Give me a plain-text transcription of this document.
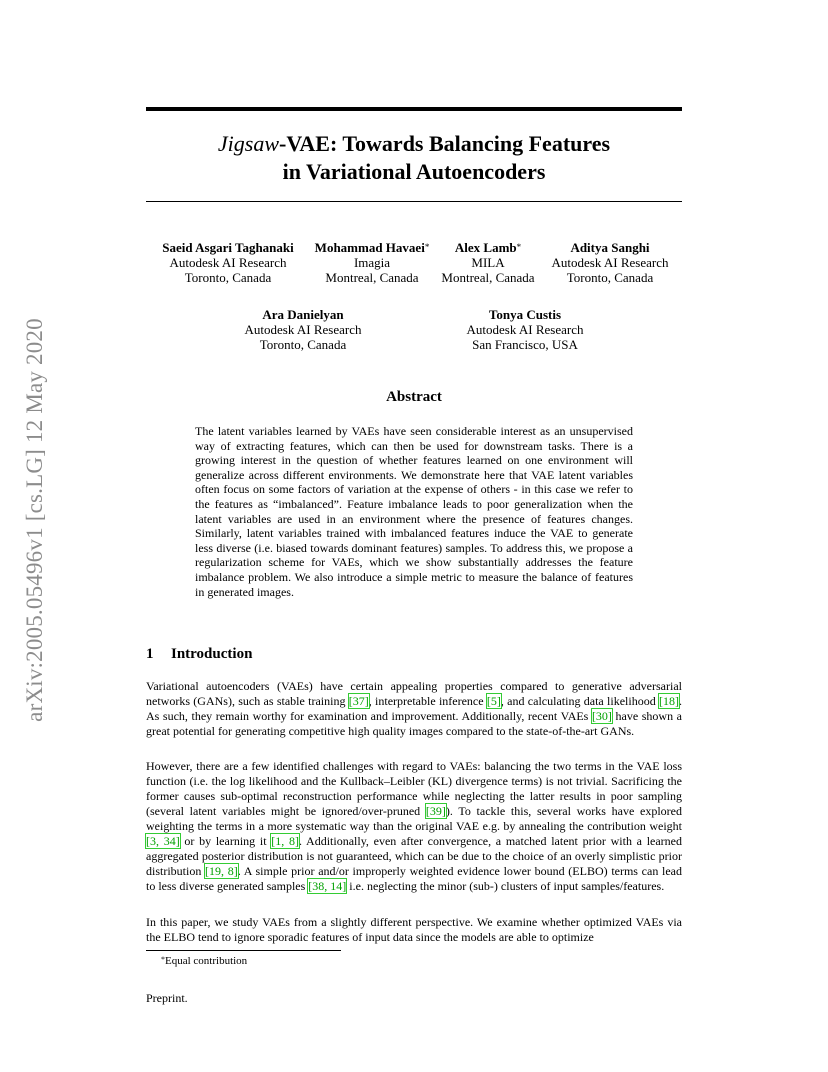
arXiv:2005.05496v1 [cs.LG] 12 May 2020
Jigsaw-VAE: Towards Balancing Features
in Variational Autoencoders
Saeid Asgari Taghanaki
Autodesk AI Research
Toronto, Canada
Mohammad Havaei*
Imagia
Montreal, Canada
Alex Lamb*
MILA
Montreal, Canada
Aditya Sanghi
Autodesk AI Research
Toronto, Canada
Ara Danielyan
Autodesk AI Research
Toronto, Canada
Tonya Custis
Autodesk AI Research
San Francisco, USA
Abstract

The latent variables learned by VAEs have seen considerable interest as an unsupervised way of extracting features, which can then be used for downstream tasks. There is a growing interest in the question of whether features learned on one environment will generalize across different environments. We demonstrate here that VAE latent variables often focus on some factors of variation at the expense of others - in this case we refer to the features as “imbalanced”. Feature imbalance leads to poor generalization when the latent variables are used in an environment where the presence of features changes. Similarly, latent variables trained with imbalanced features induce the VAE to generate less diverse (i.e. biased towards dominant features) samples. To address this, we propose a regularization scheme for VAEs, which we show substantially addresses the feature imbalance problem. We also introduce a simple metric to measure the balance of features in generated images.

1 Introduction

Variational autoencoders (VAEs) have certain appealing properties compared to generative adversarial networks (GANs), such as stable training [37], interpretable inference [5], and calculating data likelihood [18]. As such, they remain worthy for examination and improvement. Additionally, recent VAEs [30] have shown a great potential for generating competitive high quality images compared to the state-of-the-art GANs.

However, there are a few identified challenges with regard to VAEs: balancing the two terms in the VAE loss function (i.e. the log likelihood and the Kullback–Leibler (KL) divergence terms) is not trivial. Sacrificing the former causes sub-optimal reconstruction performance while neglecting the latter results in poor sampling (several latent variables might be ignored/over-pruned [39]). To tackle this, several works have explored weighting the terms in a more systematic way than the original VAE e.g. by annealing the contribution weight [3, 34] or by learning it [1, 8]. Additionally, even after convergence, a matched latent prior with a learned aggregated posterior distribution is not guaranteed, which can be due to the choice of an overly simplistic prior distribution [19, 8]. A simple prior and/or improperly weighted evidence lower bound (ELBO) terms can lead to less diverse generated samples [38, 14] i.e. neglecting the minor (sub-) clusters of input samples/features.

In this paper, we study VAEs from a slightly different perspective. We examine whether optimized VAEs via the ELBO tend to ignore sporadic features of input data since the models are able to optimize

*Equal contribution
Preprint.
